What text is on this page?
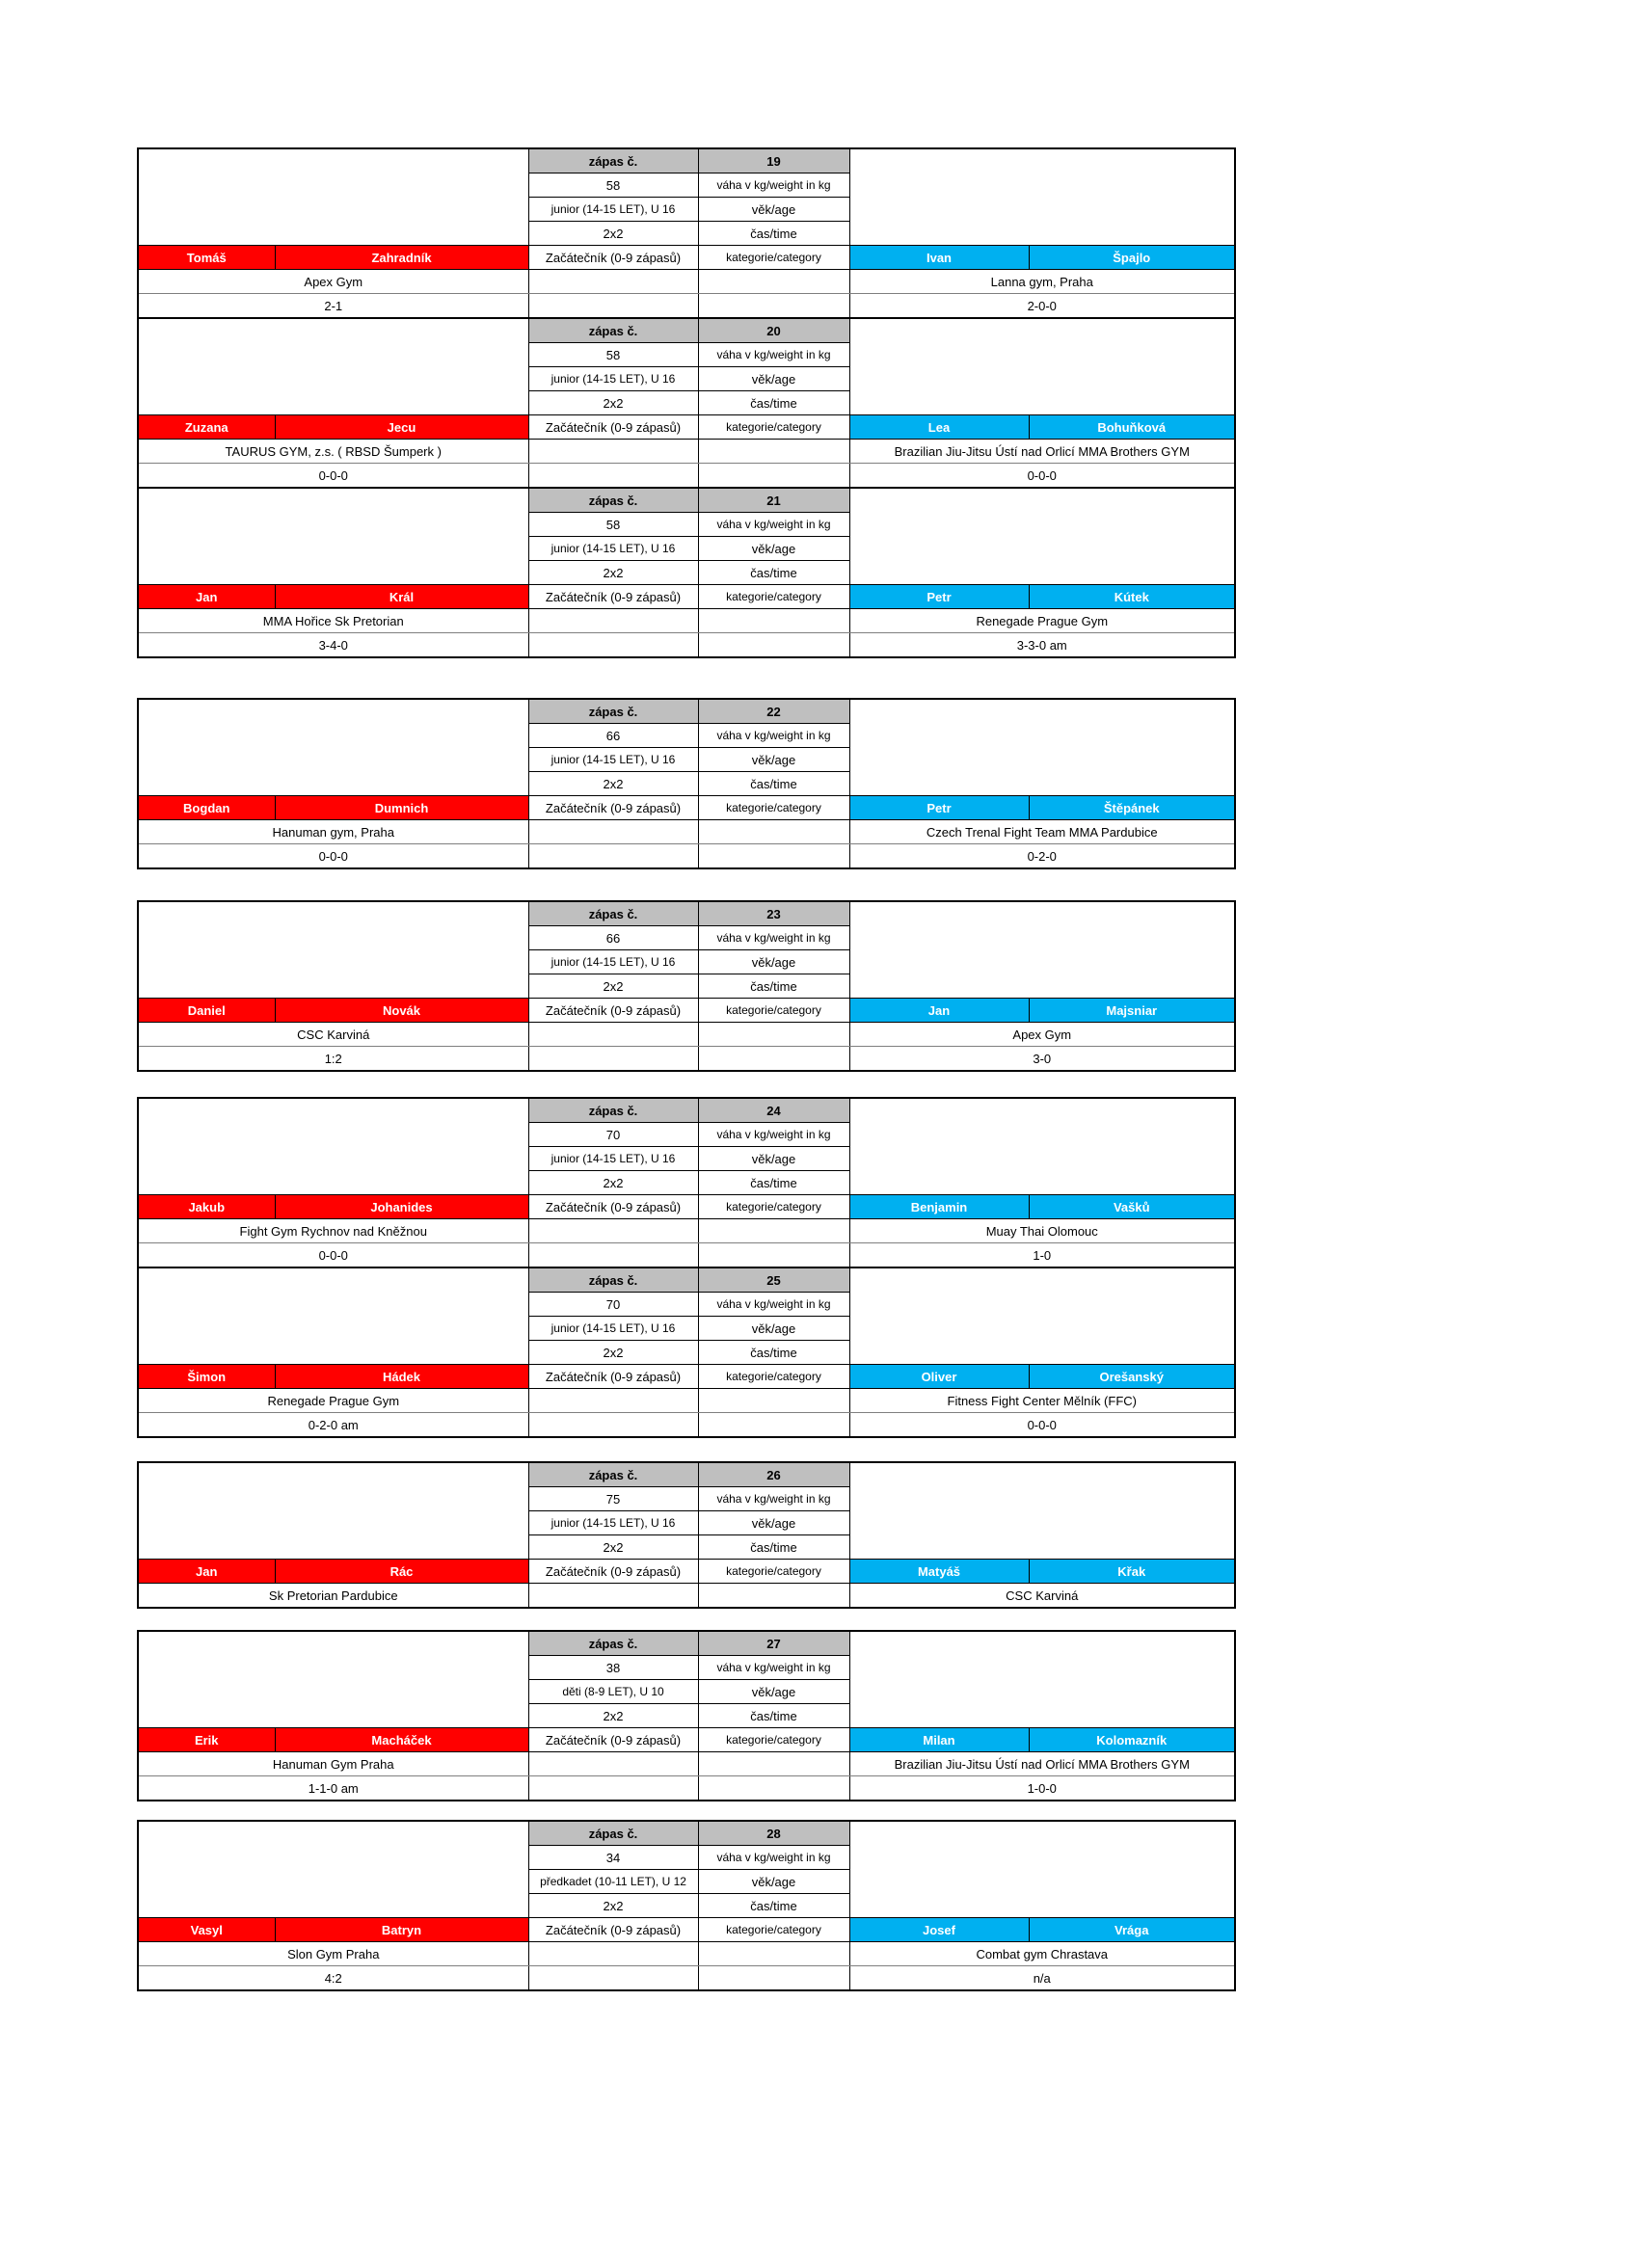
		zápas č.	19		
		58	váha v kg/weight in kg		
		junior (14-15 LET), U 16	věk/age		
		2x2	čas/time		
Tomáš	Zahradník	Začátečník (0-9 zápasů)	kategorie/category	Ivan	Špajlo
Apex Gym				Lanna gym, Praha	
2-1				2-0-0	
		zápas č.	20		
		58	váha v kg/weight in kg		
		junior (14-15 LET), U 16	věk/age		
		2x2	čas/time		
Zuzana	Jecu	Začátečník (0-9 zápasů)	kategorie/category	Lea	Bohuňková
TAURUS GYM, z.s. ( RBSD Šumperk )				Brazilian Jiu-Jitsu Ústí nad Orlicí MMA Brothers GYM	
0-0-0				0-0-0	
		zápas č.	21		
		58	váha v kg/weight in kg		
		junior (14-15 LET), U 16	věk/age		
		2x2	čas/time		
Jan	Král	Začátečník (0-9 zápasů)	kategorie/category	Petr	Kútek
MMA Hořice Sk Pretorian				Renegade Prague Gym	
3-4-0				3-3-0 am	
		zápas č.	22		
		66	váha v kg/weight in kg		
		junior (14-15 LET), U 16	věk/age		
		2x2	čas/time		
Bogdan	Dumnich	Začátečník (0-9 zápasů)	kategorie/category	Petr	Štěpánek
Hanuman gym, Praha				Czech Trenal Fight Team MMA Pardubice	
0-0-0				0-2-0	
		zápas č.	23		
		66	váha v kg/weight in kg		
		junior (14-15 LET), U 16	věk/age		
		2x2	čas/time		
Daniel	Novák	Začátečník (0-9 zápasů)	kategorie/category	Jan	Majsniar
CSC Karviná				Apex Gym	
1:2				3-0	
		zápas č.	24		
		70	váha v kg/weight in kg		
		junior (14-15 LET), U 16	věk/age		
		2x2	čas/time		
Jakub	Johanides	Začátečník (0-9 zápasů)	kategorie/category	Benjamin	Vašků
Fight Gym Rychnov nad Kněžnou				Muay Thai Olomouc	
0-0-0				1-0	
		zápas č.	25		
		70	váha v kg/weight in kg		
		junior (14-15 LET), U 16	věk/age		
		2x2	čas/time		
Šimon	Hádek	Začátečník (0-9 zápasů)	kategorie/category	Oliver	Orešanský
Renegade Prague Gym				Fitness Fight Center Mělník (FFC)	
0-2-0 am				0-0-0	
		zápas č.	26		
		75	váha v kg/weight in kg		
		junior (14-15 LET), U 16	věk/age		
		2x2	čas/time		
Jan	Rác	Začátečník (0-9 zápasů)	kategorie/category	Matyáš	Křak
Sk Pretorian Pardubice				CSC Karviná	
		zápas č.	27		
		38	váha v kg/weight in kg		
		děti (8-9 LET), U 10	věk/age		
		2x2	čas/time		
Erik	Macháček	Začátečník (0-9 zápasů)	kategorie/category	Milan	Kolomazník
Hanuman Gym Praha				Brazilian Jiu-Jitsu Ústí nad Orlicí MMA Brothers GYM	
1-1-0 am				1-0-0	
		zápas č.	28		
		34	váha v kg/weight in kg		
		předkadet (10-11 LET), U 12	věk/age		
		2x2	čas/time		
Vasyl	Batryn	Začátečník (0-9 zápasů)	kategorie/category	Josef	Vrága
Slon Gym Praha				Combat gym Chrastava	
4:2				n/a	
